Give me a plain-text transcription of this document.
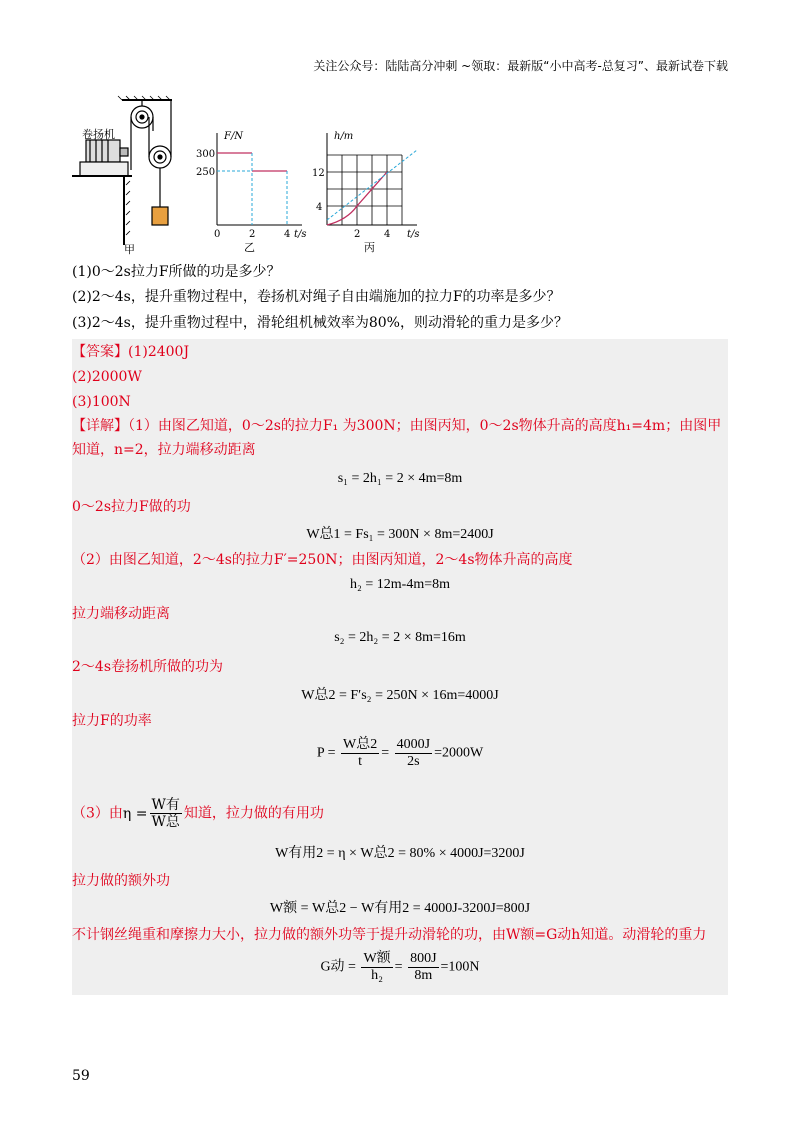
关注公众号：陆陆高分冲刺 ~领取：最新版“小中高考-总复习”、最新试卷下载
卷扬机
甲
F/N
300
250
0	2	4 t/s
乙
h/m
12
4
2 4 t/s
丙
(1)0～2s拉力F所做的功是多少？
(2)2～4s，提升重物过程中，卷扬机对绳子自由端施加的拉力F的功率是多少？
(3)2～4s，提升重物过程中，滑轮组机械效率为80%，则动滑轮的重力是多少？
【答案】(1)2400J
(2)2000W
(3)100N
【详解】（1）由图乙知道，0～2s的拉力F₁ 为300N；由图丙知，0～2s物体升高的高度h₁=4m；由图甲
知道，n=2，拉力端移动距离
s₁ = 2h₁ = 2 × 4m=8m
0～2s拉力F做的功
W总1 = Fs₁ = 300N × 8m=2400J
（2）由图乙知道，2～4s的拉力F′=250N；由图丙知道，2～4s物体升高的高度
h₂ = 12m-4m=8m
拉力端移动距离
s₂ = 2h₂ = 2 × 8m=16m
2～4s卷扬机所做的功为
W总2 = F′s₂ = 250N × 16m=4000J
拉力F的功率
$P = \frac{\text{W总2}}{t} = \frac{4000J}{2s} =2000W$
（3）由$\eta = \frac{\text{W有}}{\text{W总}}$ 知道，拉力做的有用功
W有用2 = η × W总2 = 80% × 4000J=3200J
拉力做的额外功
W额 = W总2 − W有用2 = 4000J-3200J=800J
不计钢丝绳重和摩擦力大小，拉力做的额外功等于提升动滑轮的功，由W额=G动h知道。动滑轮的重力
G动 = $\frac{\text{W额}}{\text{h₂}} = \frac{800J}{8m} =100N$
59
